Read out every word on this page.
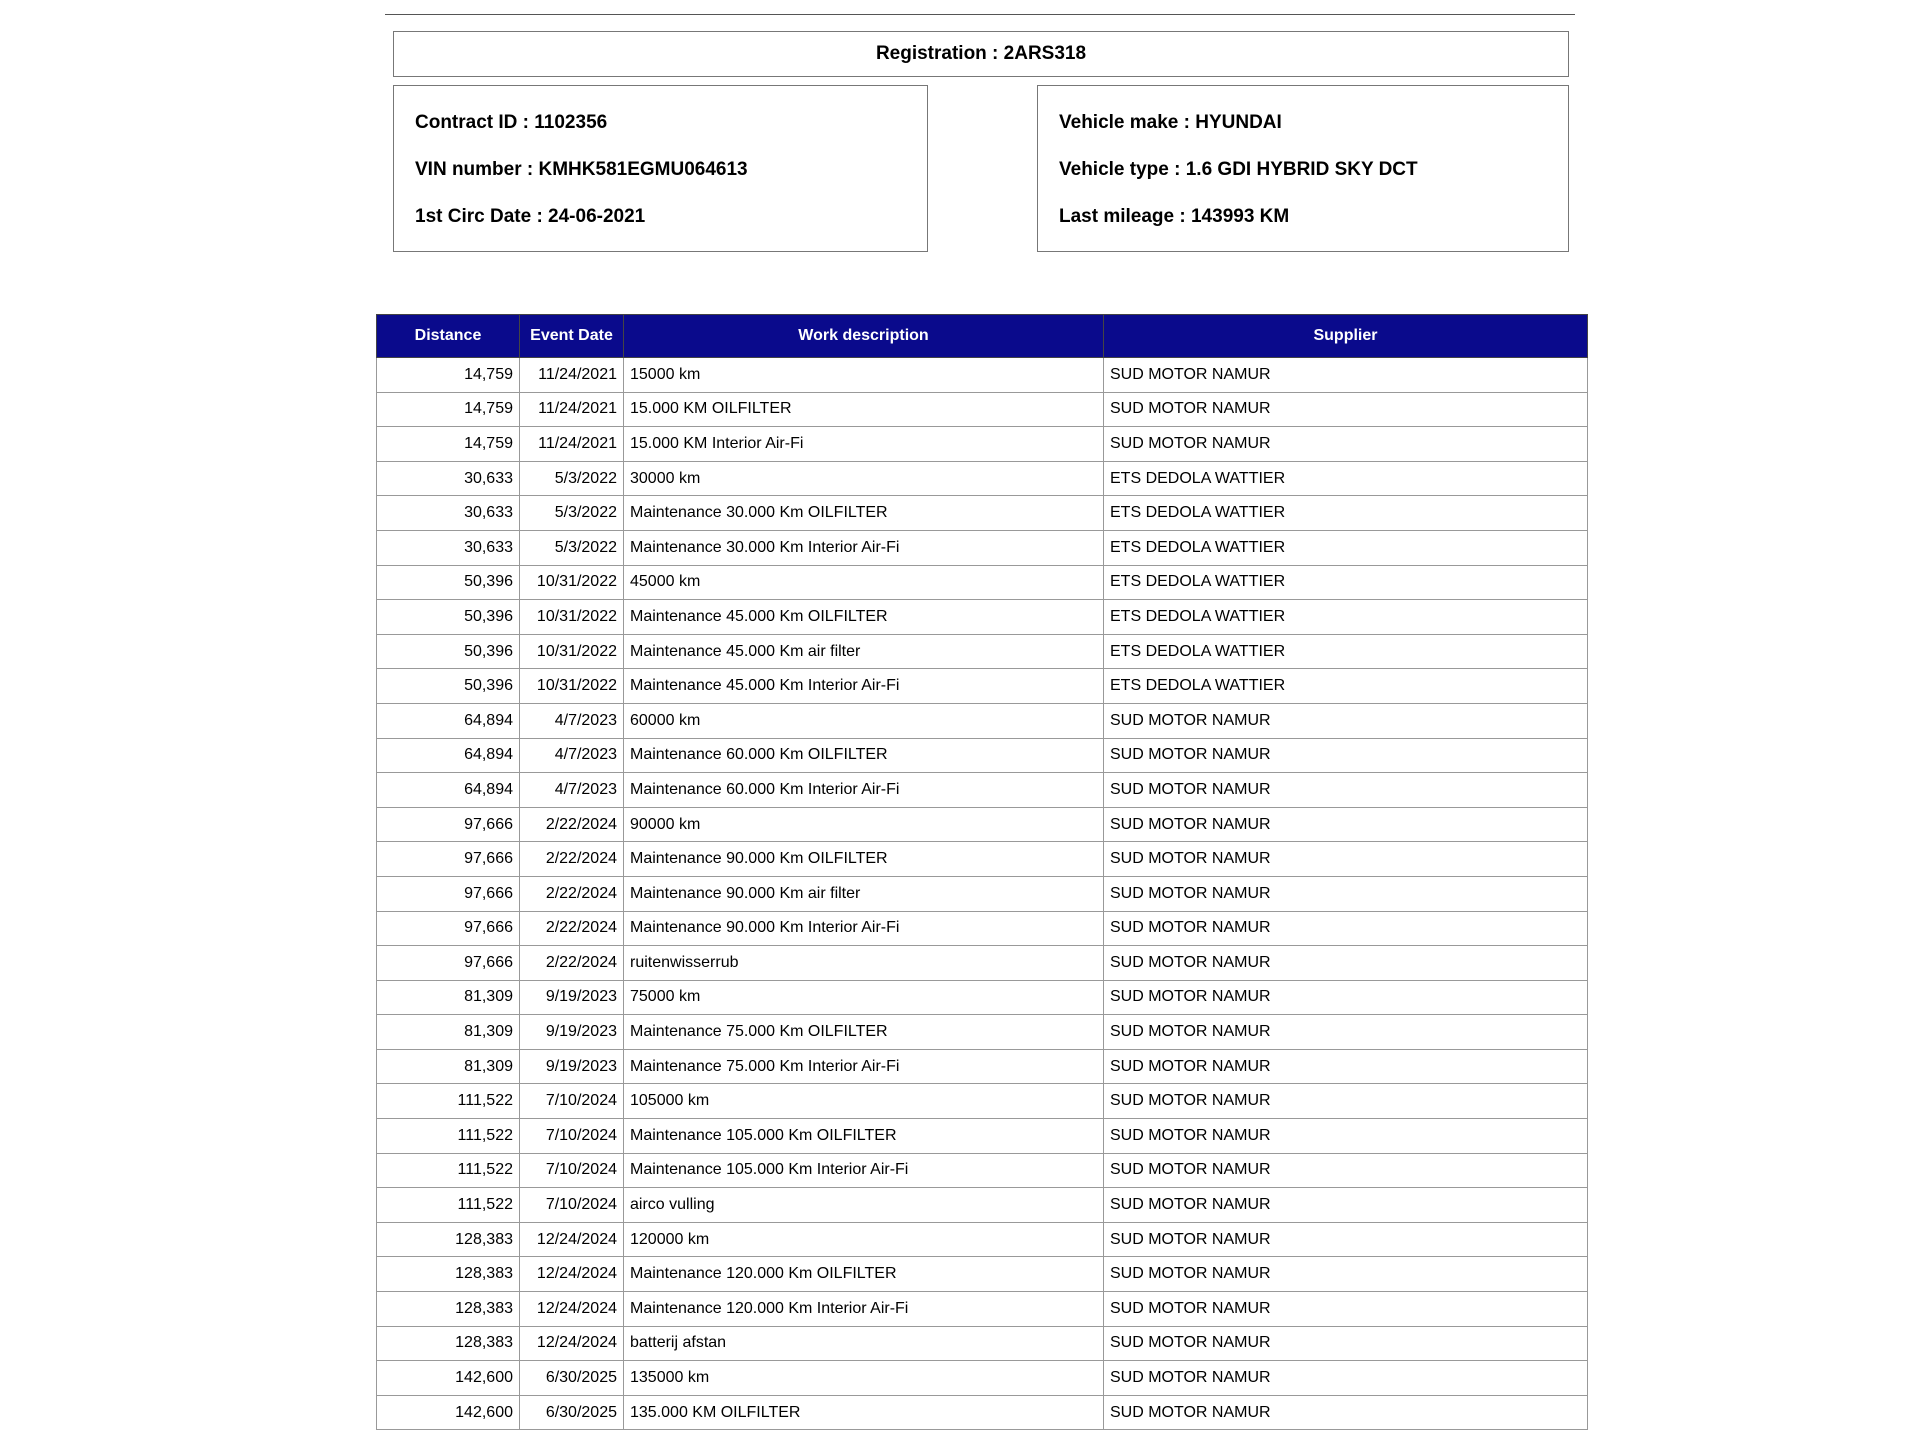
Registration : 2ARS318
Contract ID : 1102356
VIN number : KMHK581EGMU064613
1st Circ Date : 24-06-2021
Vehicle make : HYUNDAI
Vehicle type : 1.6 GDI HYBRID SKY DCT
Last mileage : 143993 KM
Distance	Event Date	Work description	Supplier
14,759	11/24/2021	15000 km	SUD MOTOR NAMUR
14,759	11/24/2021	15.000 KM OILFILTER	SUD MOTOR NAMUR
14,759	11/24/2021	15.000 KM Interior Air-Fi	SUD MOTOR NAMUR
30,633	5/3/2022	30000 km	ETS DEDOLA WATTIER
30,633	5/3/2022	Maintenance 30.000 Km OILFILTER	ETS DEDOLA WATTIER
30,633	5/3/2022	Maintenance 30.000 Km Interior Air-Fi	ETS DEDOLA WATTIER
50,396	10/31/2022	45000 km	ETS DEDOLA WATTIER
50,396	10/31/2022	Maintenance 45.000 Km OILFILTER	ETS DEDOLA WATTIER
50,396	10/31/2022	Maintenance 45.000 Km air filter	ETS DEDOLA WATTIER
50,396	10/31/2022	Maintenance 45.000 Km Interior Air-Fi	ETS DEDOLA WATTIER
64,894	4/7/2023	60000 km	SUD MOTOR NAMUR
64,894	4/7/2023	Maintenance 60.000 Km OILFILTER	SUD MOTOR NAMUR
64,894	4/7/2023	Maintenance 60.000 Km Interior Air-Fi	SUD MOTOR NAMUR
97,666	2/22/2024	90000 km	SUD MOTOR NAMUR
97,666	2/22/2024	Maintenance 90.000 Km OILFILTER	SUD MOTOR NAMUR
97,666	2/22/2024	Maintenance 90.000 Km air filter	SUD MOTOR NAMUR
97,666	2/22/2024	Maintenance 90.000 Km Interior Air-Fi	SUD MOTOR NAMUR
97,666	2/22/2024	ruitenwisserrub	SUD MOTOR NAMUR
81,309	9/19/2023	75000 km	SUD MOTOR NAMUR
81,309	9/19/2023	Maintenance 75.000 Km OILFILTER	SUD MOTOR NAMUR
81,309	9/19/2023	Maintenance 75.000 Km Interior Air-Fi	SUD MOTOR NAMUR
111,522	7/10/2024	105000 km	SUD MOTOR NAMUR
111,522	7/10/2024	Maintenance 105.000 Km OILFILTER	SUD MOTOR NAMUR
111,522	7/10/2024	Maintenance 105.000 Km Interior Air-Fi	SUD MOTOR NAMUR
111,522	7/10/2024	airco vulling	SUD MOTOR NAMUR
128,383	12/24/2024	120000 km	SUD MOTOR NAMUR
128,383	12/24/2024	Maintenance 120.000 Km OILFILTER	SUD MOTOR NAMUR
128,383	12/24/2024	Maintenance 120.000 Km Interior Air-Fi	SUD MOTOR NAMUR
128,383	12/24/2024	batterij afstan	SUD MOTOR NAMUR
142,600	6/30/2025	135000 km	SUD MOTOR NAMUR
142,600	6/30/2025	135.000 KM OILFILTER	SUD MOTOR NAMUR
